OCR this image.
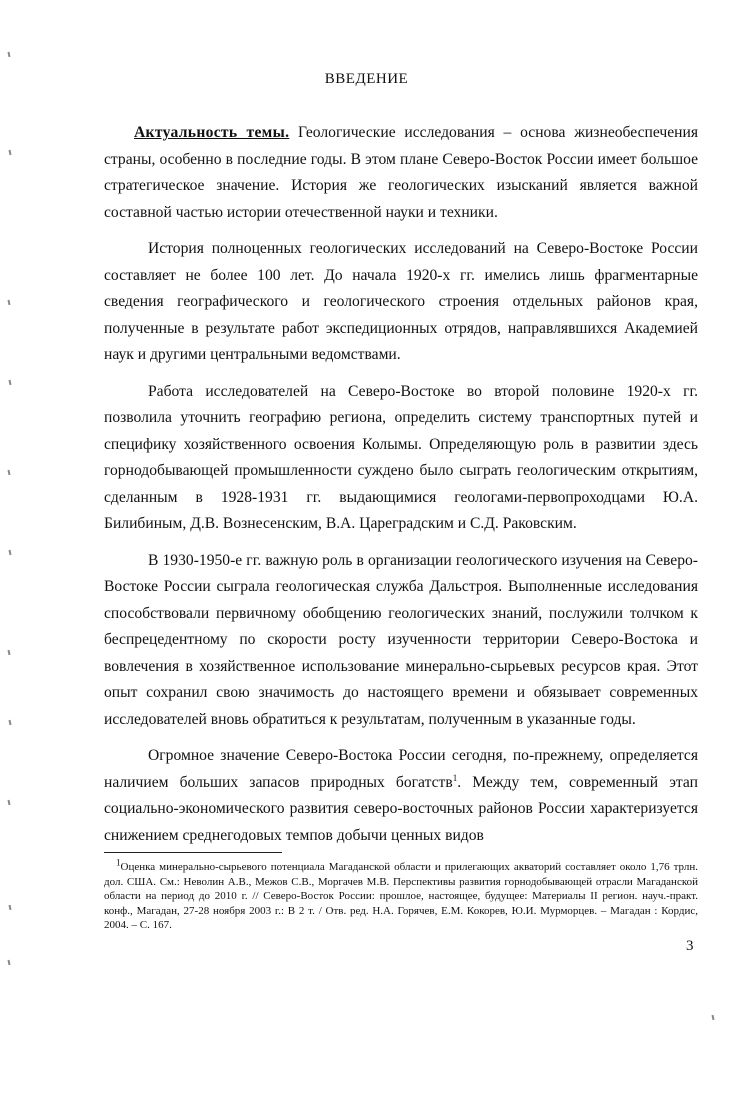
ВВЕДЕНИЕ

Актуальность темы. Геологические исследования – основа жизнеобеспечения страны, особенно в последние годы. В этом плане Северо-Восток России имеет большое стратегическое значение. История же геологических изысканий является важной составной частью истории отечественной науки и техники.

История полноценных геологических исследований на Северо-Востоке России составляет не более 100 лет. До начала 1920-х гг. имелись лишь фрагментарные сведения географического и геологического строения отдельных районов края, полученные в результате работ экспедиционных отрядов, направлявшихся Академией наук и другими центральными ведомствами.

Работа исследователей на Северо-Востоке во второй половине 1920-х гг. позволила уточнить географию региона, определить систему транспортных путей и специфику хозяйственного освоения Колымы. Определяющую роль в развитии здесь горнодобывающей промышленности суждено было сыграть геологическим открытиям, сделанным в 1928-1931 гг. выдающимися геологами-первопроходцами Ю.А. Билибиным, Д.В. Вознесенским, В.А. Цареградским и С.Д. Раковским.

В 1930-1950-е гг. важную роль в организации геологического изучения на Северо-Востоке России сыграла геологическая служба Дальстроя. Выполненные исследования способствовали первичному обобщению геологических знаний, послужили толчком к беспрецедентному по скорости росту изученности территории Северо-Востока и вовлечения в хозяйственное использование минерально-сырьевых ресурсов края. Этот опыт сохранил свою значимость до настоящего времени и обязывает современных исследователей вновь обратиться к результатам, полученным в указанные годы.

Огромное значение Северо-Востока России сегодня, по-прежнему, определяется наличием больших запасов природных богатств$^1$. Между тем, современный этап социально-экономического развития северо-восточных районов России характеризуется снижением среднегодовых темпов добычи ценных видов

$^1$Оценка минерально-сырьевого потенциала Магаданской области и прилегающих акваторий составляет около 1,76 трлн. дол. США. См.: Неволин А.В., Межов С.В., Моргачев М.В. Перспективы развития горнодобывающей отрасли Магаданской области на период до 2010 г. // Северо-Восток России: прошлое, настоящее, будущее: Материалы II регион. науч.-практ. конф., Магадан, 27-28 ноября 2003 г.: В 2 т. / Отв. ред. Н.А. Горячев, Е.М. Кокорев, Ю.И. Мурморцев. – Магадан : Кордис, 2004. – С. 167.
3
